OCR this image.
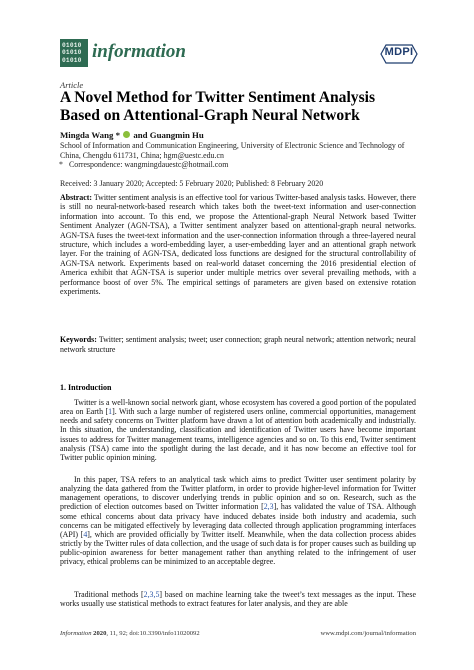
01010
01010
01010 information	MDPI
Article
A Novel Method for Twitter Sentiment Analysis
Based on Attentional-Graph Neural Network
Mingda Wang *  and Guangmin Hu
School of Information and Communication Engineering, University of Electronic Science and Technology of China, Chengdu 611731, China; hgm@uestc.edu.cn
* Correspondence: wangmingdauestc@hotmail.com
Received: 3 January 2020; Accepted: 5 February 2020; Published: 8 February 2020
Abstract: Twitter sentiment analysis is an effective tool for various Twitter-based analysis tasks. However, there is still no neural-network-based research which takes both the tweet-text information and user-connection information into account. To this end, we propose the Attentional-graph Neural Network based Twitter Sentiment Analyzer (AGN-TSA), a Twitter sentiment analyzer based on attentional-graph neural networks. AGN-TSA fuses the tweet-text information and the user-connection information through a three-layered neural structure, which includes a word-embedding layer, a user-embedding layer and an attentional graph network layer. For the training of AGN-TSA, dedicated loss functions are designed for the structural controllability of AGN-TSA network. Experiments based on real-world dataset concerning the 2016 presidential election of America exhibit that AGN-TSA is superior under multiple metrics over several prevailing methods, with a performance boost of over 5%. The empirical settings of parameters are given based on extensive rotation experiments.
Keywords: Twitter; sentiment analysis; tweet; user connection; graph neural network; attention network; neural network structure
1. Introduction
Twitter is a well-known social network giant, whose ecosystem has covered a good portion of the populated area on Earth [1]. With such a large number of registered users online, commercial opportunities, management needs and safety concerns on Twitter platform have drawn a lot of attention both academically and industrially. In this situation, the understanding, classification and identification of Twitter users have become important issues to address for Twitter management teams, intelligence agencies and so on. To this end, Twitter sentiment analysis (TSA) came into the spotlight during the last decade, and it has now become an effective tool for Twitter public opinion mining.
In this paper, TSA refers to an analytical task which aims to predict Twitter user sentiment polarity by analyzing the data gathered from the Twitter platform, in order to provide higher-level information for Twitter management operations, to discover underlying trends in public opinion and so on. Research, such as the prediction of election outcomes based on Twitter information [2,3], has validated the value of TSA. Although some ethical concerns about data privacy have induced debates inside both industry and academia, such concerns can be mitigated effectively by leveraging data collected through application programming interfaces (API) [4], which are provided officially by Twitter itself. Meanwhile, when the data collection process abides strictly by the Twitter rules of data collection, and the usage of such data is for proper causes such as building up public-opinion awareness for better management rather than anything related to the infringement of user privacy, ethical problems can be minimized to an acceptable degree.
Traditional methods [2,3,5] based on machine learning take the tweet’s text messages as the input. These works usually use statistical methods to extract features for later analysis, and they are able
Information 2020, 11, 92; doi:10.3390/info11020092	www.mdpi.com/journal/information
